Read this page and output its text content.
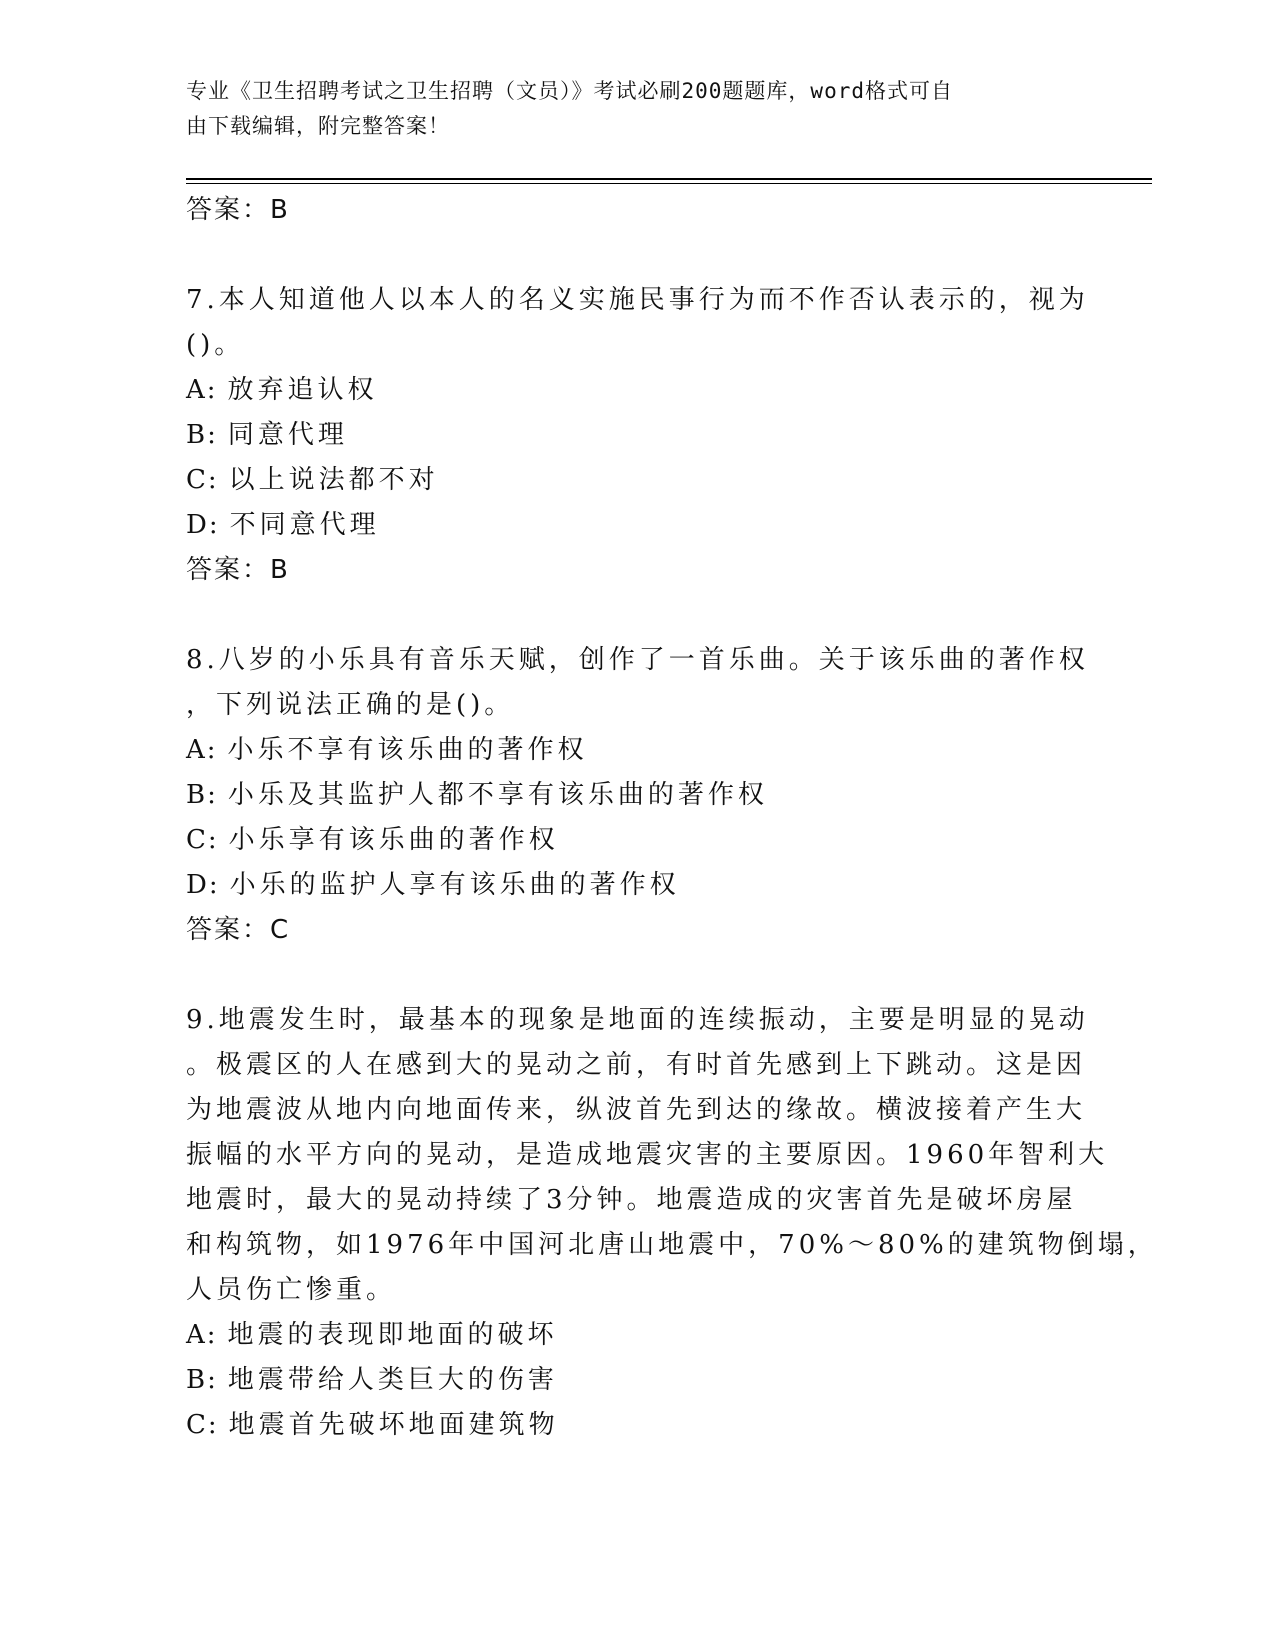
专业《卫生招聘考试之卫生招聘（文员）》考试必刷200题题库，word格式可自
由下载编辑，附完整答案！
答案：B
7.本人知道他人以本人的名义实施民事行为而不作否认表示的，视为
()。
A: 放弃追认权
B: 同意代理
C: 以上说法都不对
D: 不同意代理
答案：B
8.八岁的小乐具有音乐天赋，创作了一首乐曲。关于该乐曲的著作权
，下列说法正确的是()。
A: 小乐不享有该乐曲的著作权
B: 小乐及其监护人都不享有该乐曲的著作权
C: 小乐享有该乐曲的著作权
D: 小乐的监护人享有该乐曲的著作权
答案：C
9.地震发生时，最基本的现象是地面的连续振动，主要是明显的晃动
。极震区的人在感到大的晃动之前，有时首先感到上下跳动。这是因
为地震波从地内向地面传来，纵波首先到达的缘故。横波接着产生大
振幅的水平方向的晃动，是造成地震灾害的主要原因。1960年智利大
地震时，最大的晃动持续了3分钟。地震造成的灾害首先是破坏房屋
和构筑物，如1976年中国河北唐山地震中，70%～80%的建筑物倒塌，
人员伤亡惨重。
A: 地震的表现即地面的破坏
B: 地震带给人类巨大的伤害
C: 地震首先破坏地面建筑物
